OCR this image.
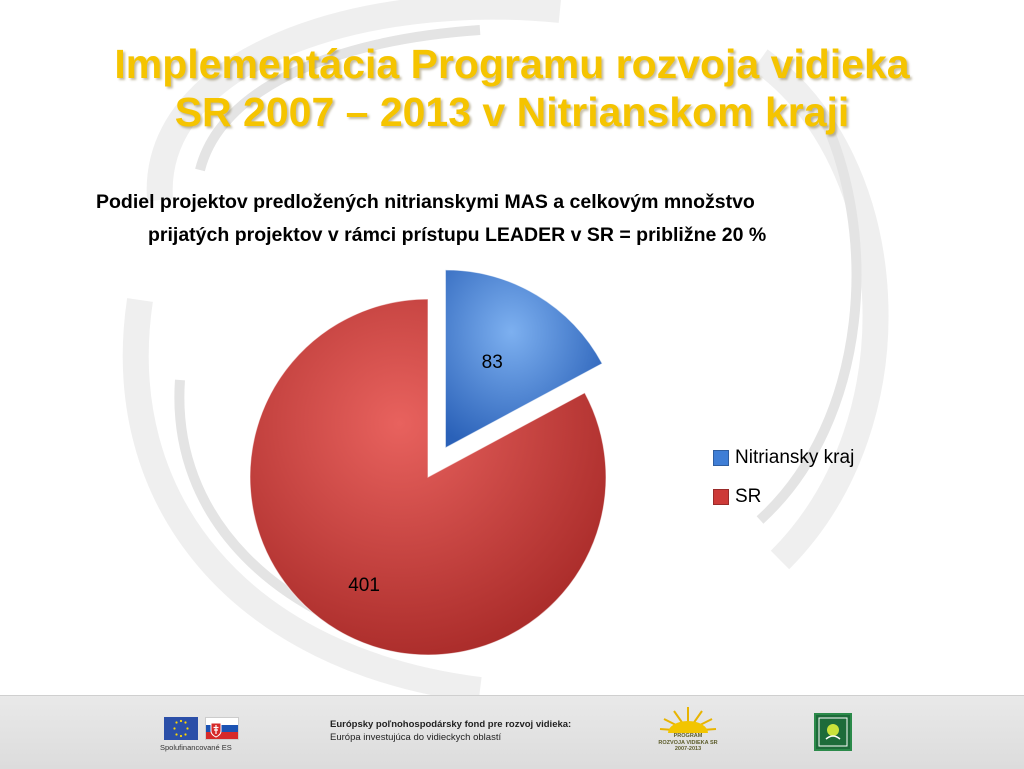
Implementácia Programu rozvoja vidieka
SR 2007 – 2013 v Nitrianskom kraji
Podiel projektov predložených nitrianskymi MAS a celkovým množstvo
prijatých projektov v rámci prístupu LEADER v SR = približne 20 %
83
401
Nitriansky kraj
SR
Spolufinancované ES
Európsky poľnohospodársky fond pre rozvoj vidieka:
Európa investujúca do vidieckych oblastí	PROGRAM
ROZVOJA VIDIEKA SR
2007-2013
